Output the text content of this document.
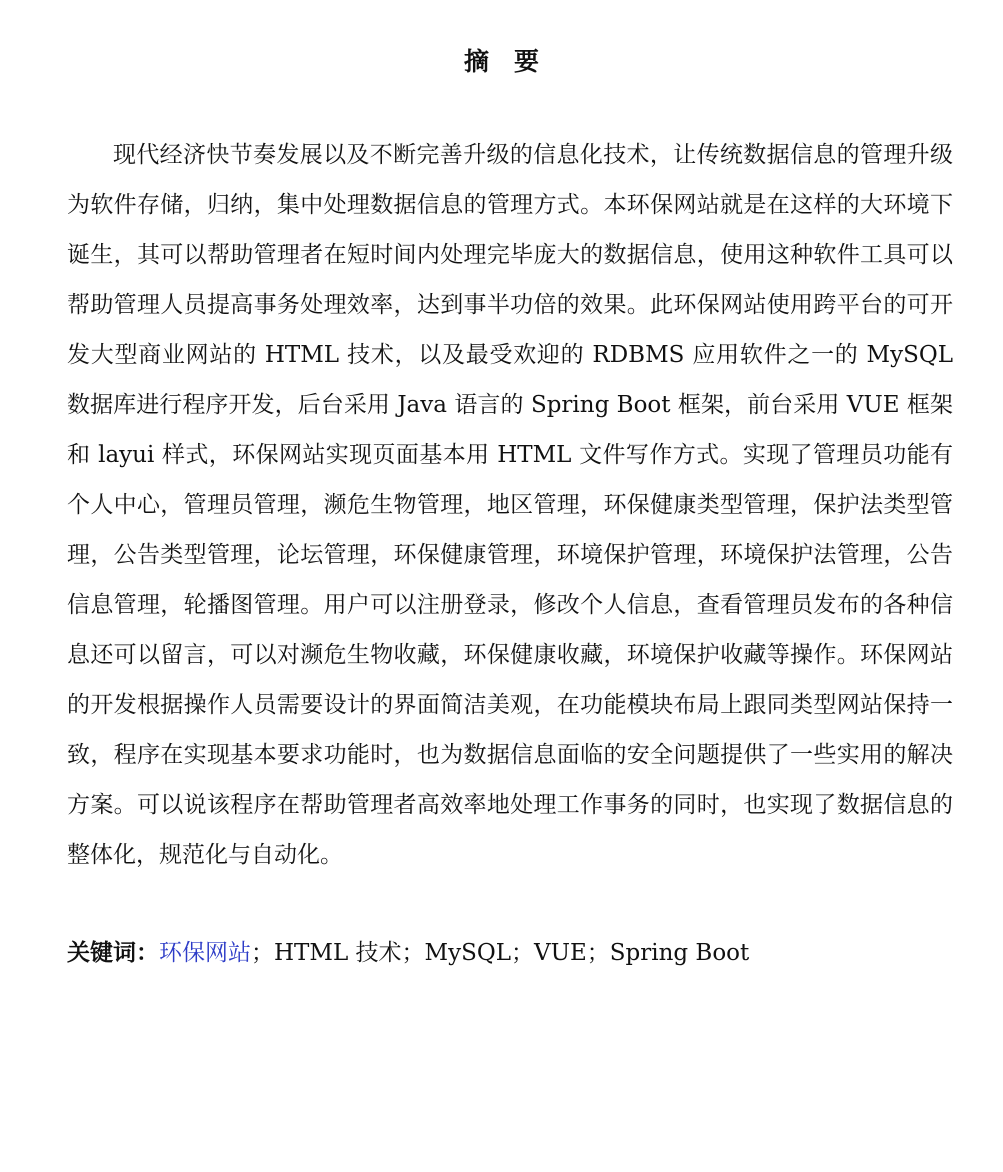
摘　要

现代经济快节奏发展以及不断完善升级的信息化技术，让传统数据信息的管理升级为软件存储，归纳，集中处理数据信息的管理方式。本环保网站就是在这样的大环境下诞生，其可以帮助管理者在短时间内处理完毕庞大的数据信息，使用这种软件工具可以帮助管理人员提高事务处理效率，达到事半功倍的效果。此环保网站使用跨平台的可开发大型商业网站的 HTML 技术，以及最受欢迎的 RDBMS 应用软件之一的 MySQL 数据库进行程序开发，后台采用 Java 语言的 Spring Boot 框架，前台采用 VUE 框架和 layui 样式，环保网站实现页面基本用 HTML 文件写作方式。实现了管理员功能有个人中心，管理员管理，濒危生物管理，地区管理，环保健康类型管理，保护法类型管理，公告类型管理，论坛管理，环保健康管理，环境保护管理，环境保护法管理，公告信息管理，轮播图管理。用户可以注册登录，修改个人信息，查看管理员发布的各种信息还可以留言，可以对濒危生物收藏，环保健康收藏，环境保护收藏等操作。环保网站的开发根据操作人员需要设计的界面简洁美观，在功能模块布局上跟同类型网站保持一致，程序在实现基本要求功能时，也为数据信息面临的安全问题提供了一些实用的解决方案。可以说该程序在帮助管理者高效率地处理工作事务的同时，也实现了数据信息的整体化，规范化与自动化。

关键词：环保网站；HTML 技术；MySQL；VUE；Spring Boot
